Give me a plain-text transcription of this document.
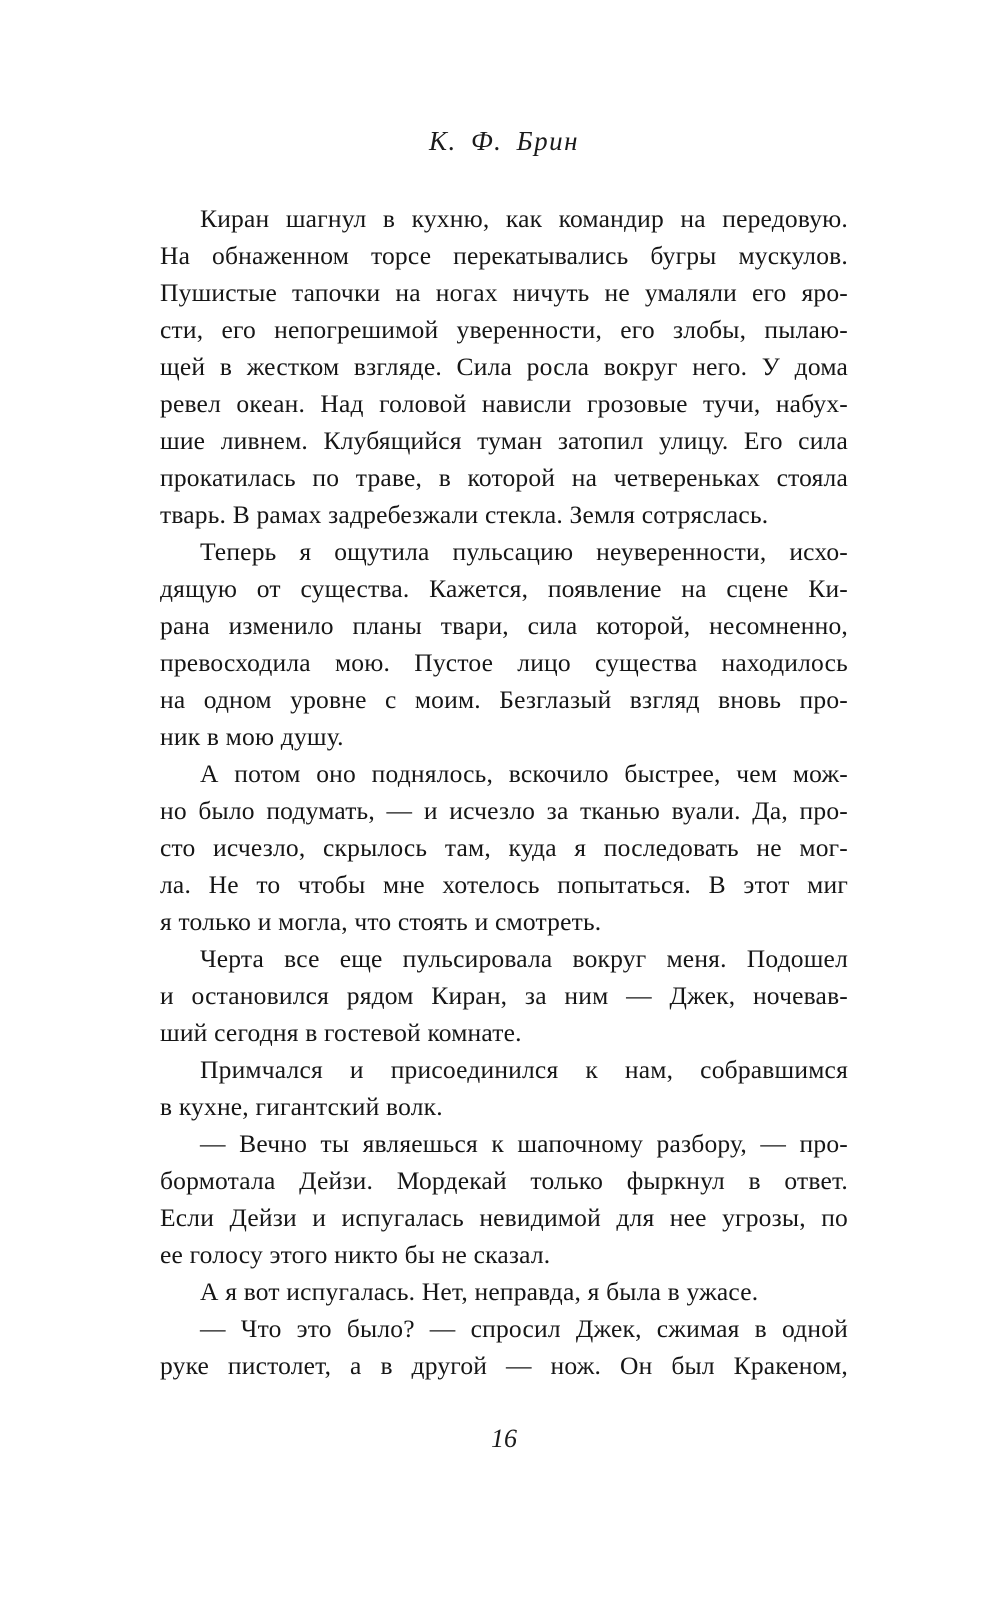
К. Ф. Брин
Киран шагнул в кухню, как командир на передовую.
На обнаженном торсе перекатывались бугры мускулов.
Пушистые тапочки на ногах ничуть не умаляли его яро-
сти, его непогрешимой уверенности, его злобы, пылаю-
щей в жестком взгляде. Сила росла вокруг него. У дома
ревел океан. Над головой нависли грозовые тучи, набух-
шие ливнем. Клубящийся туман затопил улицу. Его сила
прокатилась по траве, в которой на четвереньках стояла
тварь. В рамах задребезжали стекла. Земля сотряслась.
Теперь я ощутила пульсацию неуверенности, исхо-
дящую от существа. Кажется, появление на сцене Ки-
рана изменило планы твари, сила которой, несомненно,
превосходила мою. Пустое лицо существа находилось
на одном уровне с моим. Безглазый взгляд вновь про-
ник в мою душу.
А потом оно поднялось, вскочило быстрее, чем мож-
но было подумать, — и исчезло за тканью вуали. Да, про-
сто исчезло, скрылось там, куда я последовать не мог-
ла. Не то чтобы мне хотелось попытаться. В этот миг
я только и могла, что стоять и смотреть.
Черта все еще пульсировала вокруг меня. Подошел
и остановился рядом Киран, за ним — Джек, ночевав-
ший сегодня в гостевой комнате.
Примчался и присоединился к нам, собравшимся
в кухне, гигантский волк.
— Вечно ты являешься к шапочному разбору, — про-
бормотала Дейзи. Мордекай только фыркнул в ответ.
Если Дейзи и испугалась невидимой для нее угрозы, по
ее голосу этого никто бы не сказал.
А я вот испугалась. Нет, неправда, я была в ужасе.
— Что это было? — спросил Джек, сжимая в одной
руке пистолет, а в другой — нож. Он был Кракеном,
16
